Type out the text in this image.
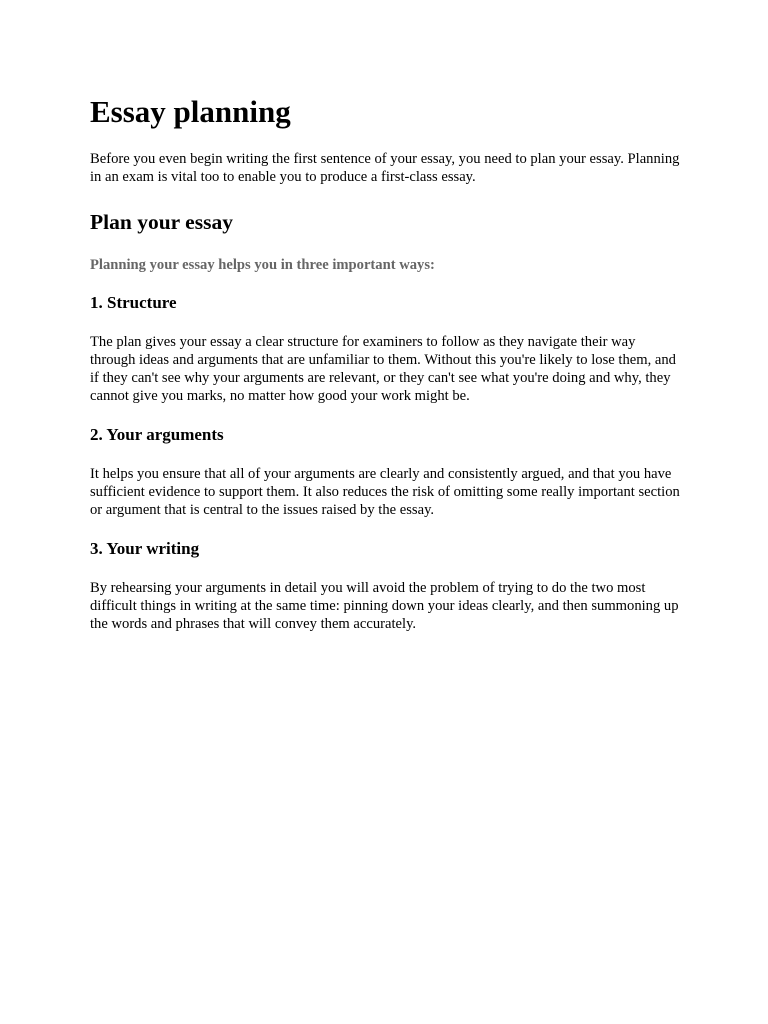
Essay planning

Before you even begin writing the first sentence of your essay, you need to plan your essay. Planning in an exam is vital too to enable you to produce a first-class essay.

Plan your essay

Planning your essay helps you in three important ways:

1. Structure

The plan gives your essay a clear structure for examiners to follow as they navigate their way through ideas and arguments that are unfamiliar to them. Without this you're likely to lose them, and if they can't see why your arguments are relevant, or they can't see what you're doing and why, they cannot give you marks, no matter how good your work might be.

2. Your arguments

It helps you ensure that all of your arguments are clearly and consistently argued, and that you have sufficient evidence to support them. It also reduces the risk of omitting some really important section or argument that is central to the issues raised by the essay.

3. Your writing

By rehearsing your arguments in detail you will avoid the problem of trying to do the two most difficult things in writing at the same time: pinning down your ideas clearly, and then summoning up the words and phrases that will convey them accurately.
